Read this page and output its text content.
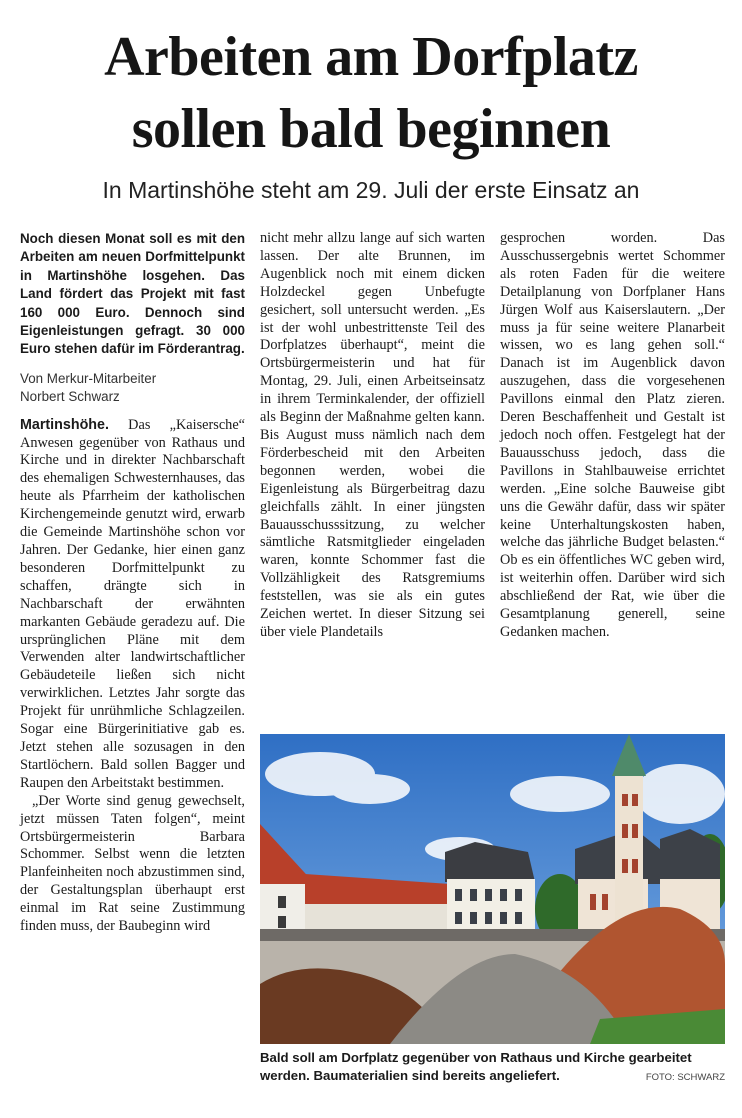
Arbeiten am Dorfplatz
sollen bald beginnen
In Martinshöhe steht am 29. Juli der erste Einsatz an

Noch diesen Monat soll es mit den Arbeiten am neuen Dorfmittelpunkt in Martinshöhe losgehen. Das Land fördert das Projekt mit fast 160 000 Euro. Dennoch sind Eigenleistungen gefragt. 30 000 Euro stehen dafür im Förderantrag.

Von Merkur-Mitarbeiter
Norbert Schwarz

Martinshöhe. Das „Kaisersche“ Anwesen gegenüber von Rathaus und Kirche und in direkter Nachbarschaft des ehemaligen Schwesternhauses, das heute als Pfarrheim der katholischen Kirchengemeinde genutzt wird, erwarb die Gemeinde Martinshöhe schon vor Jahren. Der Gedanke, hier einen ganz besonderen Dorfmittelpunkt zu schaffen, drängte sich in Nachbarschaft der erwähnten markanten Gebäude geradezu auf. Die ursprünglichen Pläne mit dem Verwenden alter landwirtschaftlicher Gebäudeteile ließen sich nicht verwirklichen. Letztes Jahr sorgte das Projekt für unrühmliche Schlagzeilen. Sogar eine Bürgerinitiative gab es. Jetzt stehen alle sozusagen in den Startlöchern. Bald sollen Bagger und Raupen den Arbeitstakt bestimmen.

„Der Worte sind genug gewechselt, jetzt müssen Taten folgen“, meint Ortsbürgermeisterin Barbara Schommer. Selbst wenn die letzten Planfeinheiten noch abzustimmen sind, der Gestaltungsplan überhaupt erst einmal im Rat seine Zustimmung finden muss, der Baubeginn wird

nicht mehr allzu lange auf sich warten lassen. Der alte Brunnen, im Augenblick noch mit einem dicken Holzdeckel gegen Unbefugte gesichert, soll untersucht werden. „Es ist der wohl unbestrittenste Teil des Dorfplatzes überhaupt“, meint die Ortsbürgermeisterin und hat für Montag, 29. Juli, einen Arbeitseinsatz in ihrem Terminkalender, der offiziell als Beginn der Maßnahme gelten kann. Bis August muss nämlich nach dem Förderbescheid mit den Arbeiten begonnen werden, wobei die Eigenleistung als Bürgerbeitrag dazu gleichfalls zählt. In einer jüngsten Bauausschusssitzung, zu welcher sämtliche Ratsmitglieder eingeladen waren, konnte Schommer fast die Vollzähligkeit des Ratsgremiums feststellen, was sie als ein gutes Zeichen wertet. In dieser Sitzung sei über viele Plandetails

gesprochen worden. Das Ausschussergebnis wertet Schommer als roten Faden für die weitere Detailplanung von Dorfplaner Hans Jürgen Wolf aus Kaiserslautern. „Der muss ja für seine weitere Planarbeit wissen, wo es lang gehen soll.“ Danach ist im Augenblick davon auszugehen, dass die vorgesehenen Pavillons einmal den Platz zieren. Deren Beschaffenheit und Gestalt ist jedoch noch offen. Festgelegt hat der Bauausschuss jedoch, dass die Pavillons in Stahlbauweise errichtet werden. „Eine solche Bauweise gibt uns die Gewähr dafür, dass wir später keine Unterhaltungskosten haben, welche das jährliche Budget belasten.“ Ob es ein öffentliches WC geben wird, ist weiterhin offen. Darüber wird sich abschließend der Rat, wie über die Gesamtplanung generell, seine Gedanken machen.

Bald soll am Dorfplatz gegenüber von Rathaus und Kirche gearbeitet werden. Baumaterialien sind bereits angeliefert.	FOTO: SCHWARZ
